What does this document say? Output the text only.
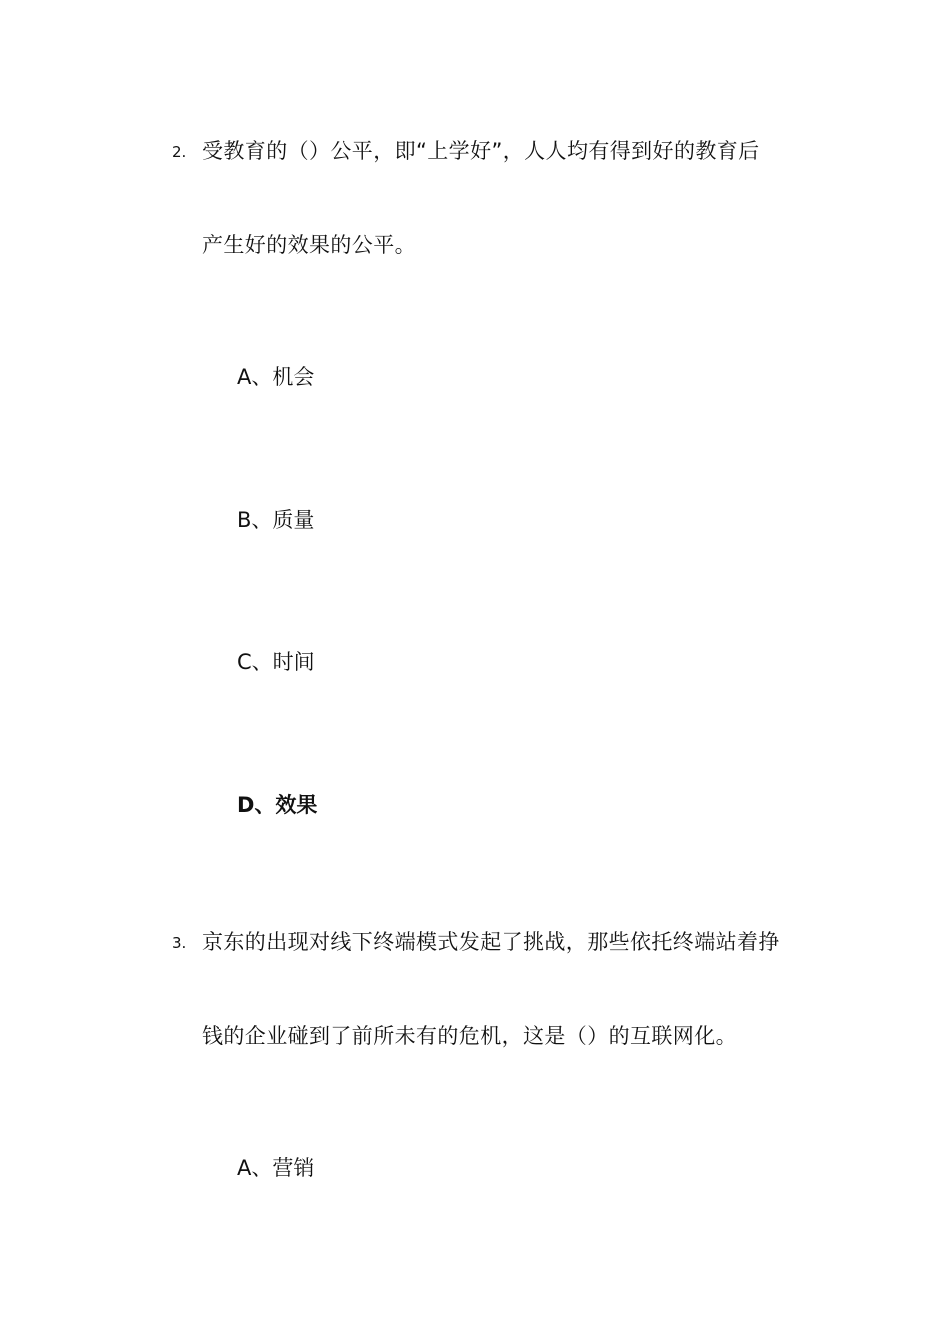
2. 受教育的（）公平，即“上学好”，人人均有得到好的教育后
产生好的效果的公平。
A、机会
B、质量
C、时间
D、效果
3. 京东的出现对线下终端模式发起了挑战，那些依托终端站着挣
钱的企业碰到了前所未有的危机，这是（）的互联网化。
A、营销
